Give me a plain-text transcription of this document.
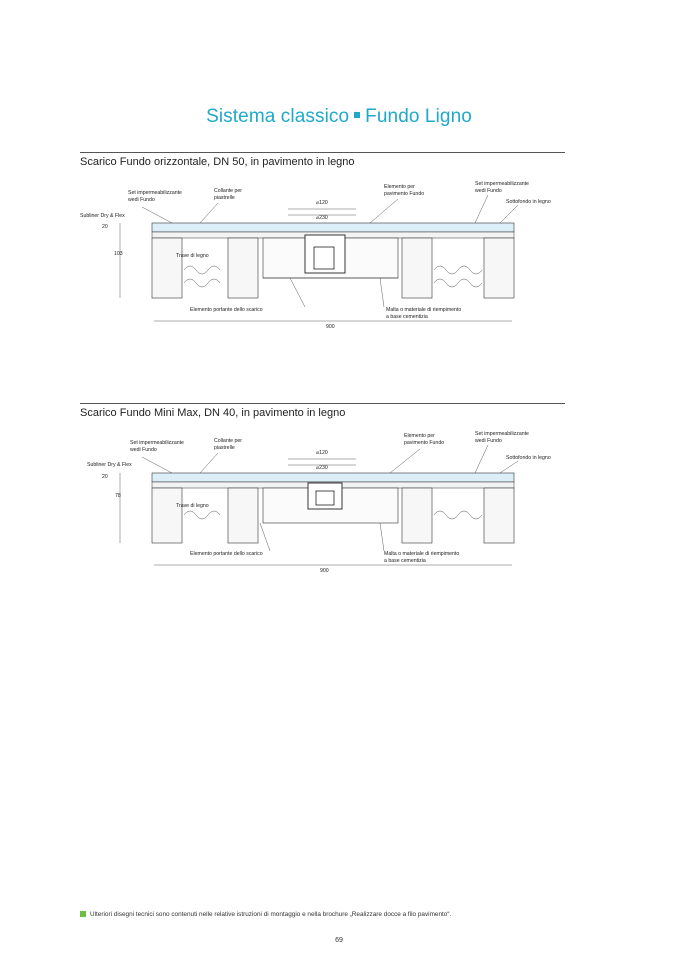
Sistema classico Fundo Ligno
Scarico Fundo orizzontale, DN 50, in pavimento in legno
Set impermeabilizzante
wedi Fundo
Collante per
piastrelle
Elemento per
pavimento Fundo
Set impermeabilizzante
wedi Fundo
Sottofondo in legno
Subliner Dry & Flex
Trave di legno
Elemento portante dello scarico	Malta o materiale di riempimento
a base cementizia
⌀120
⌀230
20
103
900
Scarico Fundo Mini Max, DN 40, in pavimento in legno
Set impermeabilizzante
wedi Fundo
Collante per
piastrelle
Elemento per
pavimento Fundo
Set impermeabilizzante
wedi Fundo
Sottofondo in legno
Subliner Dry & Flex
Trave di legno
Elemento portante dello scarico	Malta o materiale di riempimento
a base cementizia
⌀120
⌀230
20
78
900
Ulteriori disegni tecnici sono contenuti nelle relative istruzioni di montaggio e nella brochure „Realizzare docce a filo pavimento“.
69
